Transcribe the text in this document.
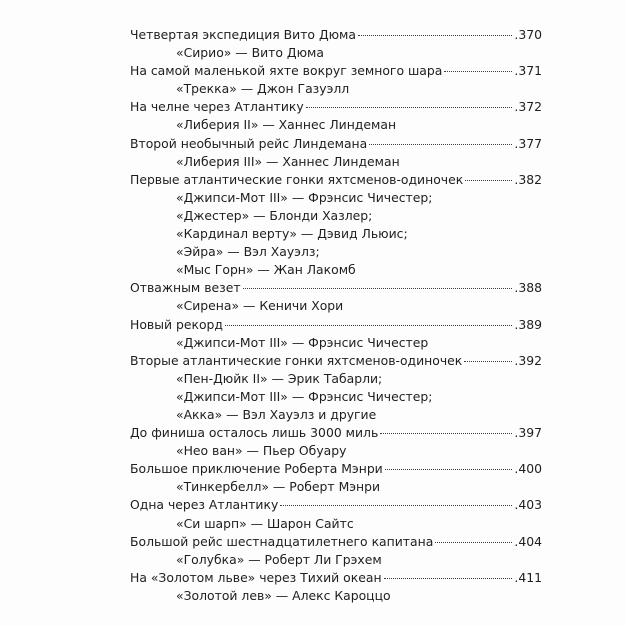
Четвертая экспедиция Вито Дюма	.370
«Сирио» — Вито Дюма
На самой маленькой яхте вокруг земного шара	.371
«Трекка» — Джон Газуэлл
На челне через Атлантику	.372
«Либерия II» — Ханнес Линдеман
Второй необычный рейс Линдемана	.377
«Либерия III» — Ханнес Линдеман
Первые атлантические гонки яхтсменов-одиночек	.382
«Джипси-Мот III» — Фрэнсис Чичестер;
«Джестер» — Блонди Хазлер;
«Кардинал верту» — Дэвид Льюис;
«Эйра» — Вэл Хауэлз;
«Мыс Горн» — Жан Лакомб
Отважным везет	.388
«Сирена» — Кеничи Хори
Новый рекорд	.389
«Джипси-Мот III» — Фрэнсис Чичестер
Вторые атлантические гонки яхтсменов-одиночек	.392
«Пен-Дюйк II» — Эрик Табарли;
«Джипси-Мот III» — Фрэнсис Чичестер;
«Акка» — Вэл Хауэлз и другие
До финиша осталось лишь 3000 миль	.397
«Нео ван» — Пьер Обуару
Большое приключение Роберта Мэнри	.400
«Тинкербелл» — Роберт Мэнри
Одна через Атлантику	.403
«Си шарп» — Шарон Сайтс
Большой рейс шестнадцатилетнего капитана	.404
«Голубка» — Роберт Ли Грэхем
На «Золотом льве» через Тихий океан	.411
«Золотой лев» — Алекс Кароццо
